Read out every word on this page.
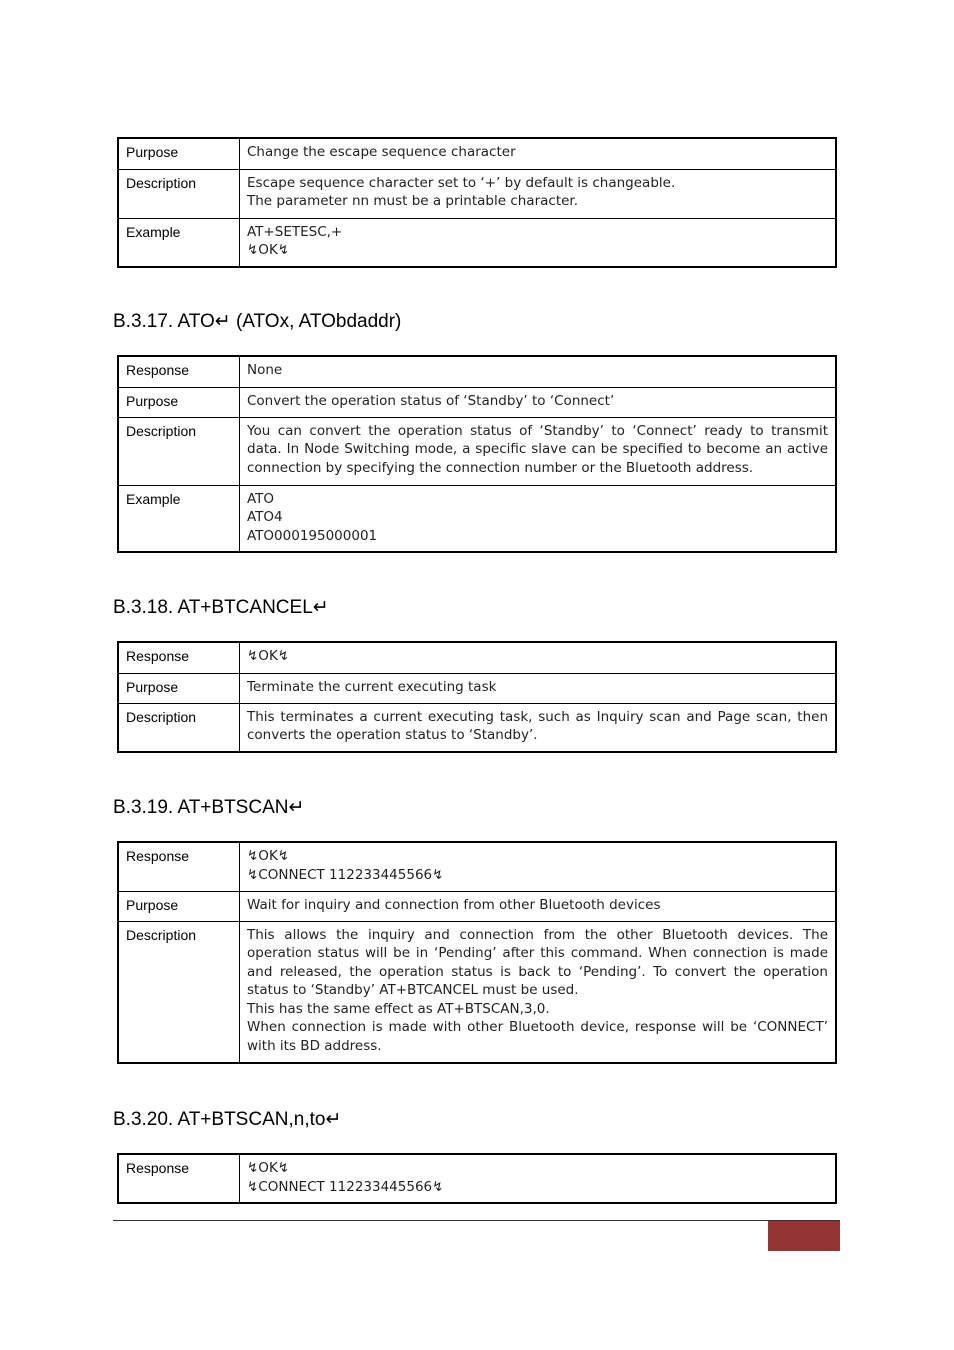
Purpose	Change the escape sequence character

Description	Escape sequence character set to ‘+’ by default is changeable.
The parameter nn must be a printable character.

Example	AT+SETESC,+
↯OK↯
B.3.17. ATO↵ (ATOx, ATObdaddr)
Response	None

Purpose	Convert the operation status of ‘Standby’ to ‘Connect’

Description	You can convert the operation status of ‘Standby’ to ‘Connect’ ready to transmit data. In Node Switching mode, a specific slave can be specified to become an active connection by specifying the connection number or the Bluetooth address.

Example	ATO
ATO4
ATO000195000001
B.3.18. AT+BTCANCEL↵
Response	↯OK↯

Purpose	Terminate the current executing task

Description	This terminates a current executing task, such as Inquiry scan and Page scan, then converts the operation status to ‘Standby’.
B.3.19. AT+BTSCAN↵
Response	↯OK↯
↯CONNECT 112233445566↯

Purpose	Wait for inquiry and connection from other Bluetooth devices

Description	This allows the inquiry and connection from the other Bluetooth devices. The operation status will be in ‘Pending’ after this command. When connection is made and released, the operation status is back to ‘Pending’. To convert the operation status to ‘Standby’ AT+BTCANCEL must be used.
This has the same effect as AT+BTSCAN,3,0.
When connection is made with other Bluetooth device, response will be ‘CONNECT’ with its BD address.
B.3.20. AT+BTSCAN,n,to↵
Response	↯OK↯
↯CONNECT 112233445566↯
